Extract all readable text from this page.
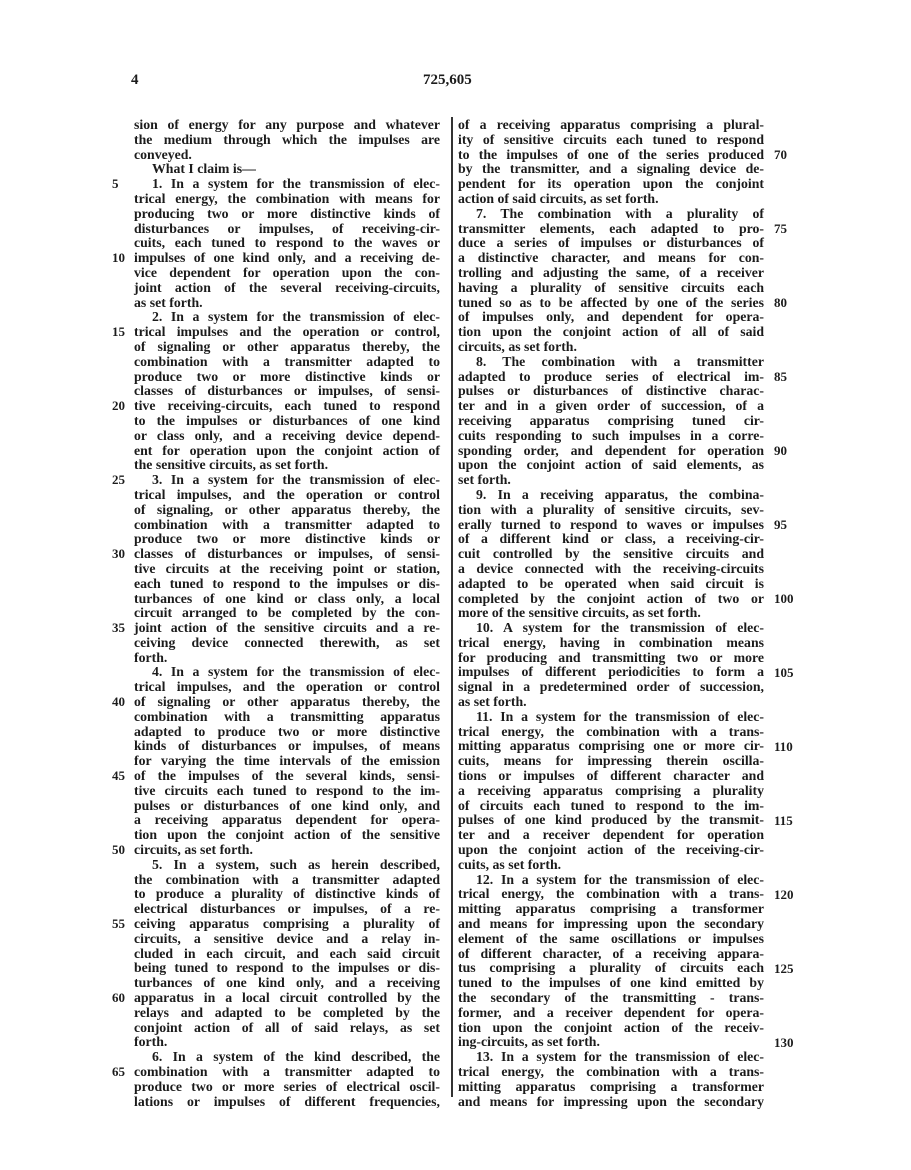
4	725,605
sion of energy for any purpose and whatever
the medium through which the impulses are
conveyed.
What I claim is—
1. In a system for the transmission of elec-
trical energy, the combination with means for
producing two or more distinctive kinds of
disturbances or impulses, of receiving-cir-
cuits, each tuned to respond to the waves or
impulses of one kind only, and a receiving de-
vice dependent for operation upon the con-
joint action of the several receiving-circuits,
as set forth.
2. In a system for the transmission of elec-
trical impulses and the operation or control,
of signaling or other apparatus thereby, the
combination with a transmitter adapted to
produce two or more distinctive kinds or
classes of disturbances or impulses, of sensi-
tive receiving-circuits, each tuned to respond
to the impulses or disturbances of one kind
or class only, and a receiving device depend-
ent for operation upon the conjoint action of
the sensitive circuits, as set forth.
3. In a system for the transmission of elec-
trical impulses, and the operation or control
of signaling, or other apparatus thereby, the
combination with a transmitter adapted to
produce two or more distinctive kinds or
classes of disturbances or impulses, of sensi-
tive circuits at the receiving point or station,
each tuned to respond to the impulses or dis-
turbances of one kind or class only, a local
circuit arranged to be completed by the con-
joint action of the sensitive circuits and a re-
ceiving device connected therewith, as set
forth.
4. In a system for the transmission of elec-
trical impulses, and the operation or control
of signaling or other apparatus thereby, the
combination with a transmitting apparatus
adapted to produce two or more distinctive
kinds of disturbances or impulses, of means
for varying the time intervals of the emission
of the impulses of the several kinds, sensi-
tive circuits each tuned to respond to the im-
pulses or disturbances of one kind only, and
a receiving apparatus dependent for opera-
tion upon the conjoint action of the sensitive
circuits, as set forth.
5. In a system, such as herein described,
the combination with a transmitter adapted
to produce a plurality of distinctive kinds of
electrical disturbances or impulses, of a re-
ceiving apparatus comprising a plurality of
circuits, a sensitive device and a relay in-
cluded in each circuit, and each said circuit
being tuned to respond to the impulses or dis-
turbances of one kind only, and a receiving
apparatus in a local circuit controlled by the
relays and adapted to be completed by the
conjoint action of all of said relays, as set
forth.
6. In a system of the kind described, the
combination with a transmitter adapted to
produce two or more series of electrical oscil-
lations or impulses of different frequencies,
of a receiving apparatus comprising a plural-
ity of sensitive circuits each tuned to respond
to the impulses of one of the series produced
by the transmitter, and a signaling device de-
pendent for its operation upon the conjoint
action of said circuits, as set forth.
7. The combination with a plurality of
transmitter elements, each adapted to pro-
duce a series of impulses or disturbances of
a distinctive character, and means for con-
trolling and adjusting the same, of a receiver
having a plurality of sensitive circuits each
tuned so as to be affected by one of the series
of impulses only, and dependent for opera-
tion upon the conjoint action of all of said
circuits, as set forth.
8. The combination with a transmitter
adapted to produce series of electrical im-
pulses or disturbances of distinctive charac-
ter and in a given order of succession, of a
receiving apparatus comprising tuned cir-
cuits responding to such impulses in a corre-
sponding order, and dependent for operation
upon the conjoint action of said elements, as
set forth.
9. In a receiving apparatus, the combina-
tion with a plurality of sensitive circuits, sev-
erally turned to respond to waves or impulses
of a different kind or class, a receiving-cir-
cuit controlled by the sensitive circuits and
a device connected with the receiving-circuits
adapted to be operated when said circuit is
completed by the conjoint action of two or
more of the sensitive circuits, as set forth.
10. A system for the transmission of elec-
trical energy, having in combination means
for producing and transmitting two or more
impulses of different periodicities to form a
signal in a predetermined order of succession,
as set forth.
11. In a system for the transmission of elec-
trical energy, the combination with a trans-
mitting apparatus comprising one or more cir-
cuits, means for impressing therein oscilla-
tions or impulses of different character and
a receiving apparatus comprising a plurality
of circuits each tuned to respond to the im-
pulses of one kind produced by the transmit-
ter and a receiver dependent for operation
upon the conjoint action of the receiving-cir-
cuits, as set forth.
12. In a system for the transmission of elec-
trical energy, the combination with a trans-
mitting apparatus comprising a transformer
and means for impressing upon the secondary
element of the same oscillations or impulses
of different character, of a receiving appara-
tus comprising a plurality of circuits each
tuned to the impulses of one kind emitted by
the secondary of the transmitting - trans-
former, and a receiver dependent for opera-
tion upon the conjoint action of the receiv-
ing-circuits, as set forth.
13. In a system for the transmission of elec-
trical energy, the combination with a trans-
mitting apparatus comprising a transformer
and means for impressing upon the secondary
5
10
15
20
25
30
35
40
45
50
55
60
65
70
75
80
85
90
95
100
105
110
115
120
125
130
